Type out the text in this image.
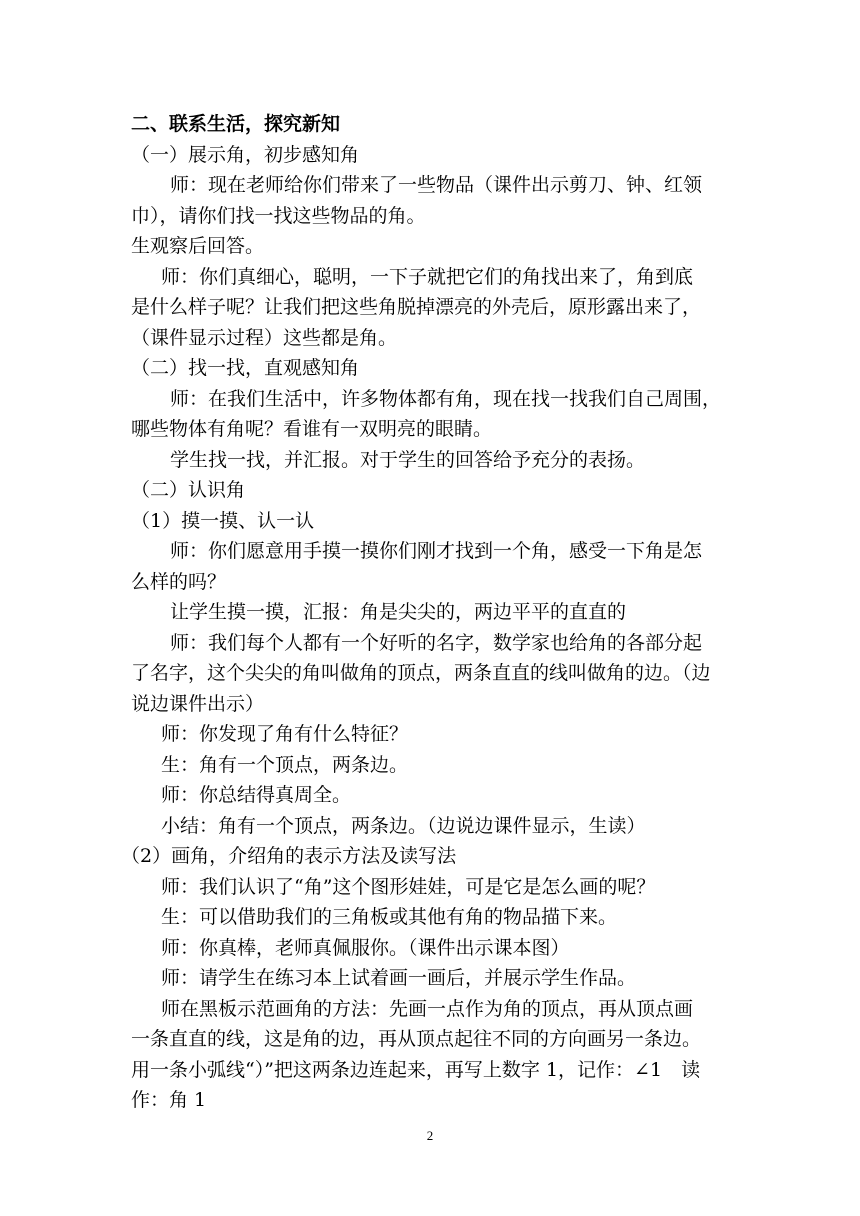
二、联系生活，探究新知
（一）展示角，初步感知角
师：现在老师给你们带来了一些物品（课件出示剪刀、钟、红领
巾），请你们找一找这些物品的角。
生观察后回答。
师：你们真细心，聪明，一下子就把它们的角找出来了，角到底
是什么样子呢？让我们把这些角脱掉漂亮的外壳后，原形露出来了，
（课件显示过程）这些都是角。
（二）找一找，直观感知角
师：在我们生活中，许多物体都有角，现在找一找我们自己周围，
哪些物体有角呢？看谁有一双明亮的眼睛。
学生找一找，并汇报。对于学生的回答给予充分的表扬。
（二）认识角
（1）摸一摸、认一认
师：你们愿意用手摸一摸你们刚才找到一个角，感受一下角是怎
么样的吗？
让学生摸一摸，汇报：角是尖尖的，两边平平的直直的
师：我们每个人都有一个好听的名字，数学家也给角的各部分起
了名字，这个尖尖的角叫做角的顶点，两条直直的线叫做角的边。（边
说边课件出示）
师：你发现了角有什么特征？
生：角有一个顶点，两条边。
师：你总结得真周全。
小结：角有一个顶点，两条边。（边说边课件显示，生读）
（2）画角，介绍角的表示方法及读写法
师：我们认识了“角”这个图形娃娃，可是它是怎么画的呢？
生：可以借助我们的三角板或其他有角的物品描下来。
师：你真棒，老师真佩服你。（课件出示课本图）
师：请学生在练习本上试着画一画后，并展示学生作品。
师在黑板示范画角的方法：先画一点作为角的顶点，再从顶点画
一条直直的线，这是角的边，再从顶点起往不同的方向画另一条边。
用一条小弧线“）”把这两条边连起来，再写上数字 1，记作：∠1　读
作：角 1
2
